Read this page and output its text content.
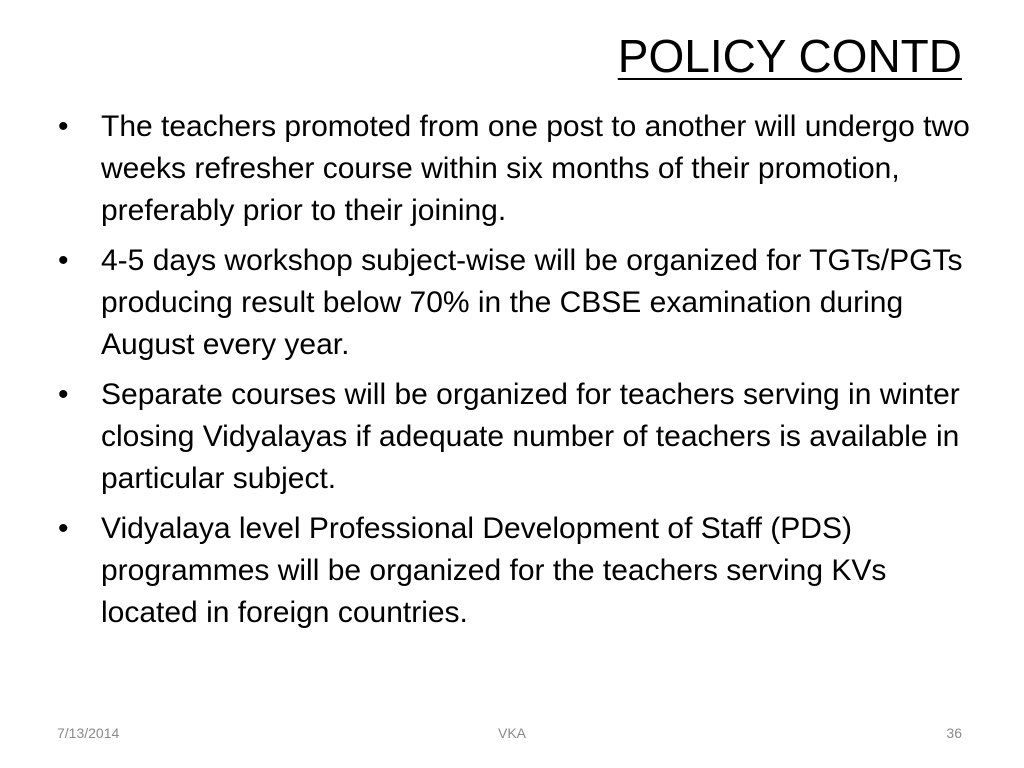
POLICY CONTD
• The teachers promoted from one post to another will undergo two weeks refresher course within six months of their promotion, preferably prior to their joining.
• 4-5 days workshop subject-wise will be organized for TGTs/PGTs producing result below 70% in the CBSE examination during August every year.
• Separate courses will be organized for teachers serving in winter closing Vidyalayas if adequate number of teachers is available in particular subject.
• Vidyalaya level Professional Development of Staff (PDS) programmes will be organized for the teachers serving KVs located in foreign countries.
7/13/2014	VKA	36
